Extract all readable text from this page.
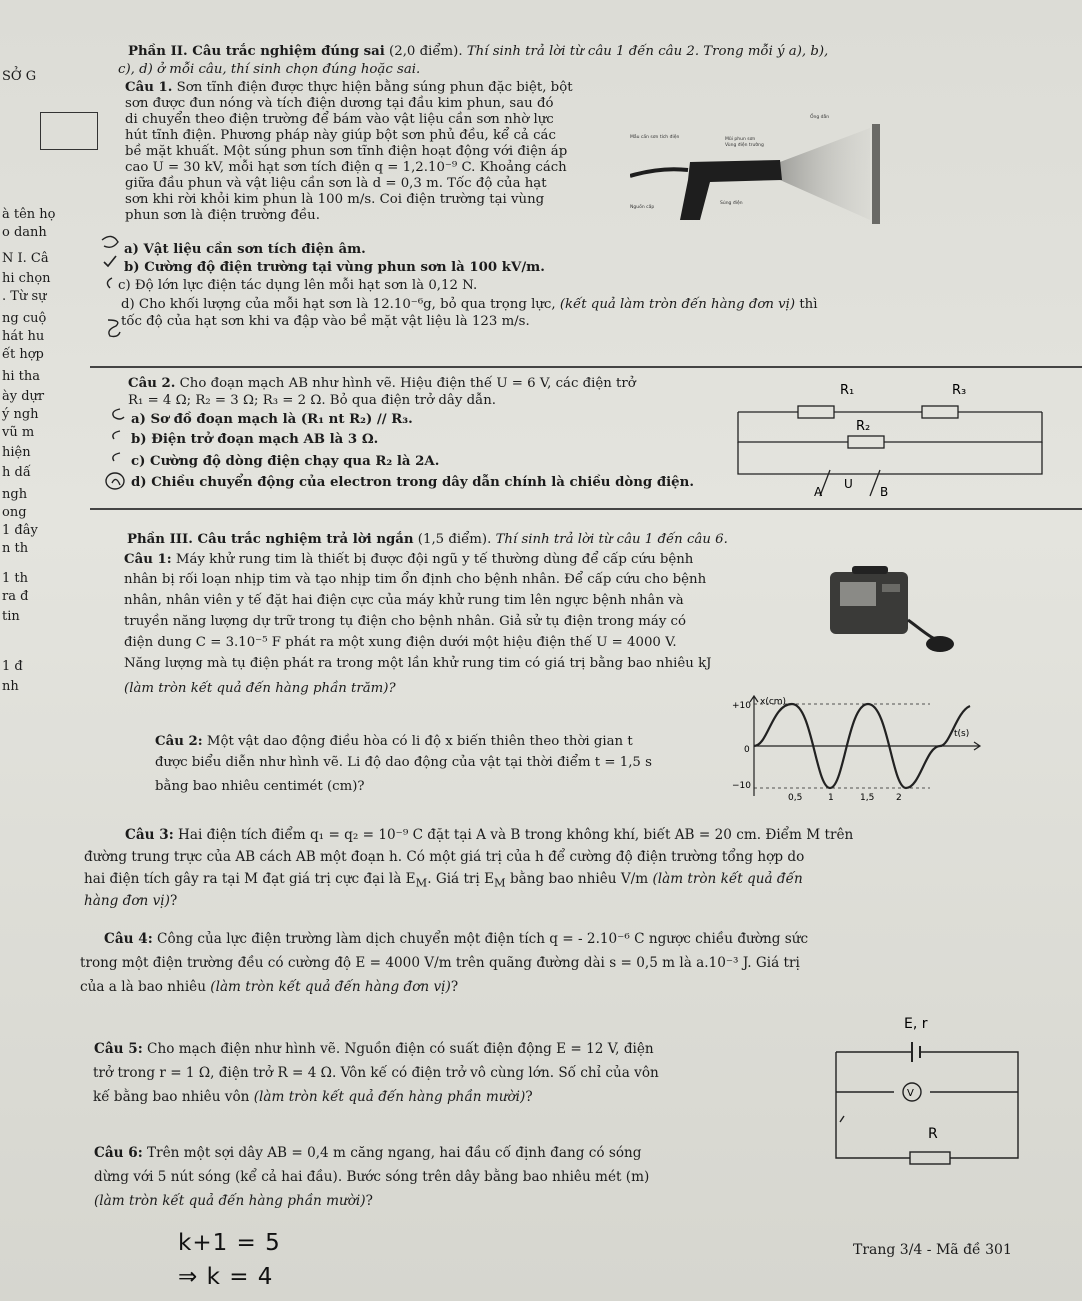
SỞ G
à tên họ
o danh
N I. Câ
hi chọn
. Từ sự
ng cuộ
hát hu
ết hợp
hi tha
ày dựr
ý ngh
vũ m
hiện
h dấ
ngh
ong
1 đây
n th
1 th
ra đ
tin
1 đ
nh
Phần II. Câu trắc nghiệm đúng sai (2,0 điểm). Thí sinh trả lời từ câu 1 đến câu 2. Trong mỗi ý a), b),
c), d) ở mỗi câu, thí sinh chọn đúng hoặc sai.
Câu 1. Sơn tĩnh điện được thực hiện bằng súng phun đặc biệt, bột
sơn được đun nóng và tích điện dương tại đầu kim phun, sau đó
di chuyển theo điện trường để bám vào vật liệu cần sơn nhờ lực
hút tĩnh điện. Phương pháp này giúp bột sơn phủ đều, kể cả các
bề mặt khuất. Một súng phun sơn tĩnh điện hoạt động với điện áp
cao U = 30 kV, mỗi hạt sơn tích điện q = 1,2.10⁻⁹ C. Khoảng cách
giữa đầu phun và vật liệu cần sơn là d = 0,3 m. Tốc độ của hạt
sơn khi rời khỏi kim phun là 100 m/s. Coi điện trường tại vùng
phun sơn là điện trường đều.
Mẫu cần sơn tích điện	Mũi phun sơn
Vùng điện trường
Nguồn cấp
Súng điện
Ống dẫn
a) Vật liệu cần sơn tích điện âm.
b) Cường độ điện trường tại vùng phun sơn là 100 kV/m.
c) Độ lớn lực điện tác dụng lên mỗi hạt sơn là 0,12 N.
d) Cho khối lượng của mỗi hạt sơn là 12.10⁻⁶g, bỏ qua trọng lực, (kết quả làm tròn đến hàng đơn vị) thì
tốc độ của hạt sơn khi va đập vào bề mặt vật liệu là 123 m/s.
Câu 2. Cho đoạn mạch AB như hình vẽ. Hiệu điện thế U = 6 V, các điện trở
R₁ = 4 Ω; R₂ = 3 Ω; R₃ = 2 Ω. Bỏ qua điện trở dây dẫn.
a) Sơ đồ đoạn mạch là (R₁ nt R₂) // R₃.
b) Điện trở đoạn mạch AB là 3 Ω.
c) Cường độ dòng điện chạy qua R₂ là 2A.
d) Chiều chuyển động của electron trong dây dẫn chính là chiều dòng điện.
R₁	R₃
R₂
A
U
B
Phần III. Câu trắc nghiệm trả lời ngắn (1,5 điểm). Thí sinh trả lời từ câu 1 đến câu 6.
Câu 1: Máy khử rung tim là thiết bị được đội ngũ y tế thường dùng để cấp cứu bệnh
nhân bị rối loạn nhịp tim và tạo nhịp tim ổn định cho bệnh nhân. Để cấp cứu cho bệnh
nhân, nhân viên y tế đặt hai điện cực của máy khử rung tim lên ngực bệnh nhân và
truyền năng lượng dự trữ trong tụ điện cho bệnh nhân. Giả sử tụ điện trong máy có
điện dung C = 3.10⁻⁵ F phát ra một xung điện dưới một hiệu điện thế U = 4000 V.
Năng lượng mà tụ điện phát ra trong một lần khử rung tim có giá trị bằng bao nhiêu kJ
(làm tròn kết quả đến hàng phần trăm)?
Câu 2: Một vật dao động điều hòa có li độ x biến thiên theo thời gian t
được biểu diễn như hình vẽ. Li độ dao động của vật tại thời điểm t = 1,5 s
bằng bao nhiêu centimét (cm)?
x(cm)
+10
−10
0
t(s)
0,5	1	1,5 2
Câu 3: Hai điện tích điểm q₁ = q₂ = 10⁻⁹ C đặt tại A và B trong không khí, biết AB = 20 cm. Điểm M trên
đường trung trực của AB cách AB một đoạn h. Có một giá trị của h để cường độ điện trường tổng hợp do
hai điện tích gây ra tại M đạt giá trị cực đại là $E_M$. Giá trị $E_M$ bằng bao nhiêu V/m (làm tròn kết quả đến
hàng đơn vị)?
Câu 4: Công của lực điện trường làm dịch chuyển một điện tích q = - 2.10⁻⁶ C ngược chiều đường sức
trong một điện trường đều có cường độ E = 4000 V/m trên quãng đường dài s = 0,5 m là a.10⁻³ J. Giá trị
của a là bao nhiêu (làm tròn kết quả đến hàng đơn vị)?
Câu 5: Cho mạch điện như hình vẽ. Nguồn điện có suất điện động E = 12 V, điện
trở trong r = 1 Ω, điện trở R = 4 Ω. Vôn kế có điện trở vô cùng lớn. Số chỉ của vôn
kế bằng bao nhiêu vôn (làm tròn kết quả đến hàng phần mười)?
E, r
R
V
Câu 6: Trên một sợi dây AB = 0,4 m căng ngang, hai đầu cố định đang có sóng
dừng với 5 nút sóng (kể cả hai đầu). Bước sóng trên dây bằng bao nhiêu mét (m)
(làm tròn kết quả đến hàng phần mười)?
k+1 = 5
⇒ k = 4
Trang 3/4 - Mã đề 301
